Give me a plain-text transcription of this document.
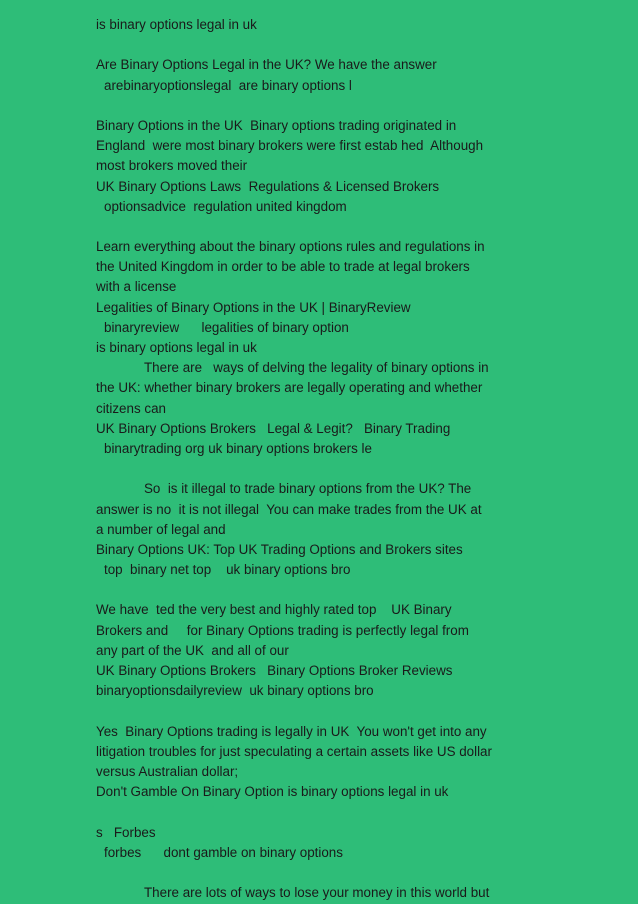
is binary options legal in uk
Are Binary Options Legal in the UK? We have the answer
arebinaryoptionslegal  are binary options l
Binary Options in the UK  Binary options trading originated in
England  were most binary brokers were first estab hed  Although
most brokers moved their
UK Binary Options Laws  Regulations & Licensed Brokers
optionsadvice  regulation united kingdom
Learn everything about the binary options rules and regulations in
the United Kingdom in order to be able to trade at legal brokers
with a license
Legalities of Binary Options in the UK | BinaryReview
binaryreview      legalities of binary option
is binary options legal in uk
There are   ways of delving the legality of binary options in
the UK: whether binary brokers are legally operating and whether
citizens can
UK Binary Options Brokers   Legal & Legit?   Binary Trading
binarytrading org uk binary options brokers le
So  is it illegal to trade binary options from the UK? The
answer is no  it is not illegal  You can make trades from the UK at
a number of legal and
Binary Options UK: Top UK Trading Options and Brokers sites
top  binary net top    uk binary options bro
We have  ted the very best and highly rated top    UK Binary
Brokers and     for Binary Options trading is perfectly legal from
any part of the UK  and all of our
UK Binary Options Brokers   Binary Options Broker Reviews
binaryoptionsdailyreview  uk binary options bro
Yes  Binary Options trading is legally in UK  You won't get into any
litigation troubles for just speculating a certain assets like US dollar
versus Australian dollar;
Don't Gamble On Binary Option is binary options legal in uk
s   Forbes
forbes      dont gamble on binary options
There are lots of ways to lose your money in this world but
